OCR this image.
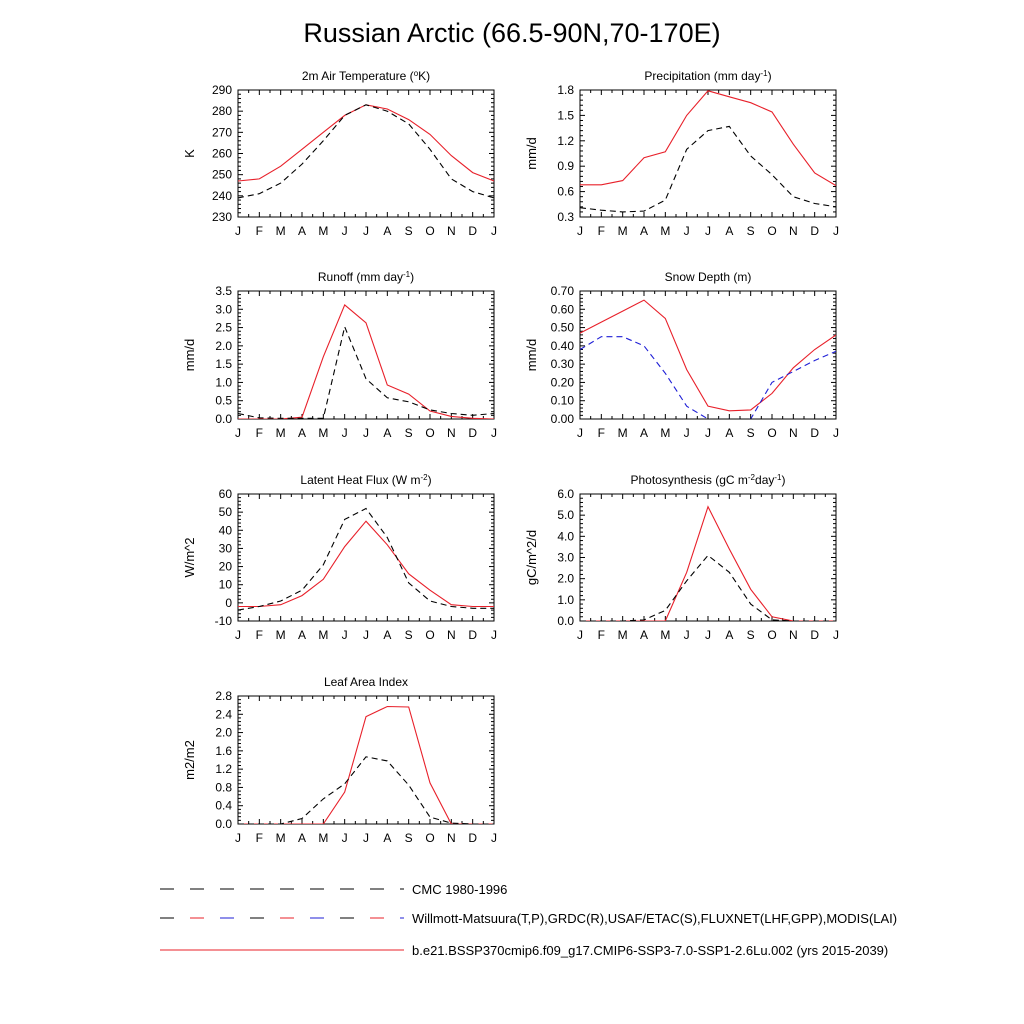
Russian Arctic (66.5-90N,70-170E)
J F M A M J J A S O N D J
230
240
250
260
270
280
290
K
2m Air Temperature ($^o$K)
J F M A M J J A S O N D J
0.3
0.6
0.9
1.2
1.5
1.8
mm/d
Precipitation (mm day$^{-1}$)
J F M A M J J A S O N D J
0.0
0.5
1.0
1.5
2.0
2.5
3.0
3.5
mm/d
Runoff (mm day$^{-1}$)
J F M A M J J A S O N D J
0.00
0.10
0.20
0.30
0.40
0.50
0.60
0.70
mm/d
Snow Depth (m)
J F M A M J J A S O N D J
-10
0
10
20
30
40
50
60
W/m^2
Latent Heat Flux (W $m^{-2}$)
J F M A M J J A S O N D J
0.0
1.0
2.0
3.0
4.0
5.0
6.0
gC/m^2/d
Photosynthesis (gC $m^{-2}day^{-1}$)
J F M A M J J A S O N D J
0.0
0.4
0.8
1.2
1.6
2.0
2.4
2.8
m2/m2
Leaf Area Index
CMC 1980-1996
Willmott-Matsuura(T,P),GRDC(R),USAF/ETAC(S),FLUXNET(LHF,GPP),MODIS(LAI)
b.e21.BSSP370cmip6.f09_g17.CMIP6-SSP3-7.0-SSP1-2.6Lu.002 (yrs 2015-2039)
